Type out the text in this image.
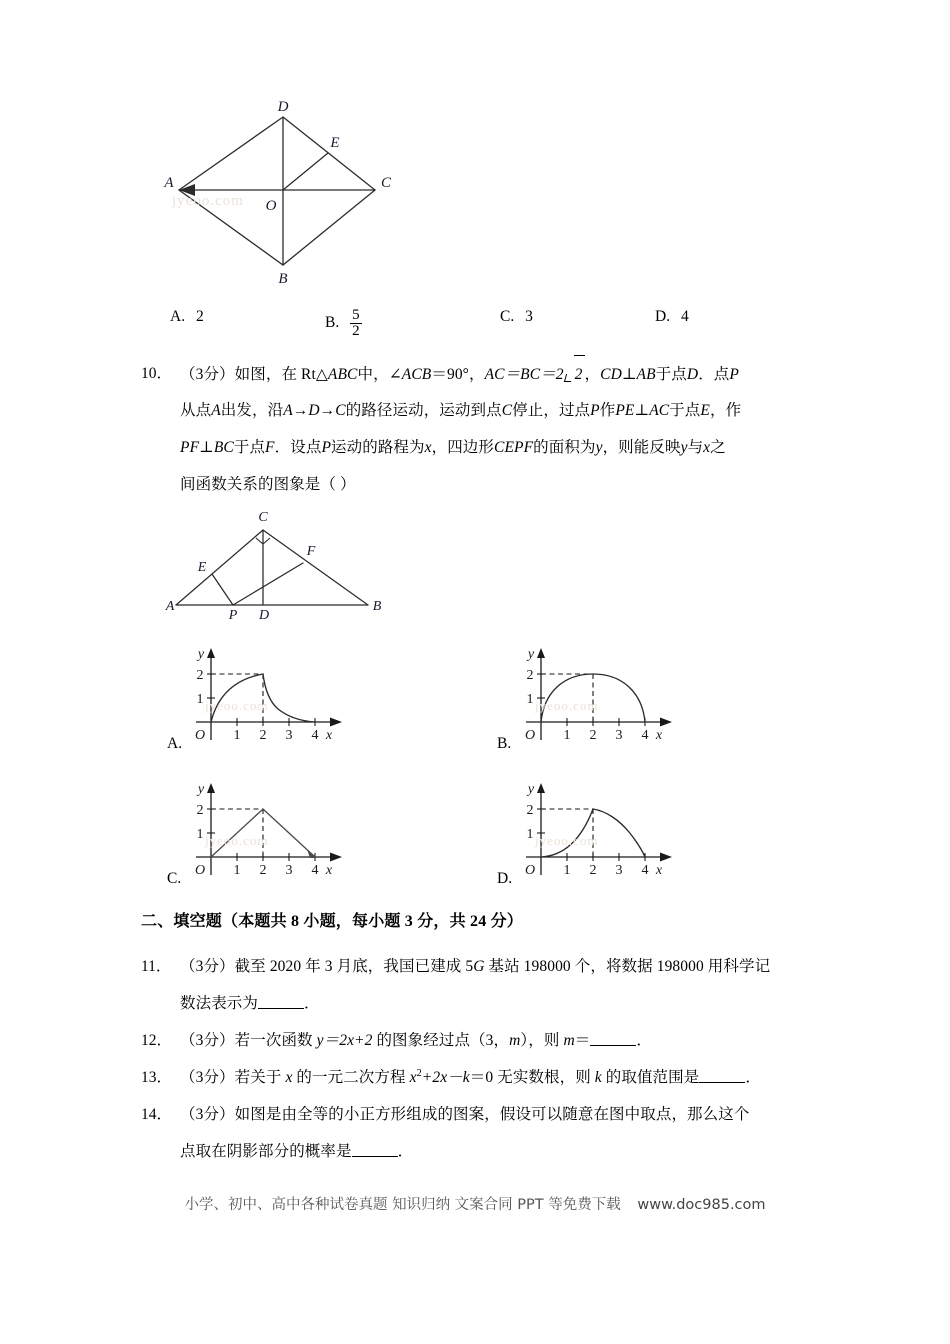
D
E
A	C
O
B
jyeoo.com
A. 2	B. $\frac{5}{2}$	C. 3	D. 4
10． （3分）如图，在 Rt△ABC中，∠ACB＝90°，AC＝BC＝2 2 ，CD⊥AB于点D．点P
从点A出发，沿A→D→C的路径运动，运动到点C停止，过点P作PE⊥AC于点E，作
PF⊥BC于点F．设点P运动的路程为x，四边形CEPF的面积为y，则能反映y与x之
间函数关系的图象是（ ）
C
F
E
A
P D
B
1 2 3 4 x
2
1
y
O
jyeoo.com
A.	1 2 3 4 x
2
1
y
O
jyeoo.com
B.
1 2 3 4 x
2
1
y
O
jyeoo.com
C.	1 2 3 4 x
2
1
y
O
jyeoo.com
D.
二、填空题（本题共 8 小题，每小题 3 分，共 24 分）
11． （3分）截至 2020 年 3 月底，我国已建成 5G 基站 198000 个，将数据 198000 用科学记
数法表示为	．
12． （3分）若一次函数 y＝2x+2 的图象经过点（3，m），则 m＝	．
13． （3分）若关于 x 的一元二次方程 $x^2+2x-k=0$ 无实数根，则 k 的取值范围是	．
14． （3分）如图是由全等的小正方形组成的图案，假设可以随意在图中取点，那么这个
点取在阴影部分的概率是	．
小学、初中、高中各种试卷真题 知识归纳 文案合同 PPT 等免费下载 www.doc985.com
